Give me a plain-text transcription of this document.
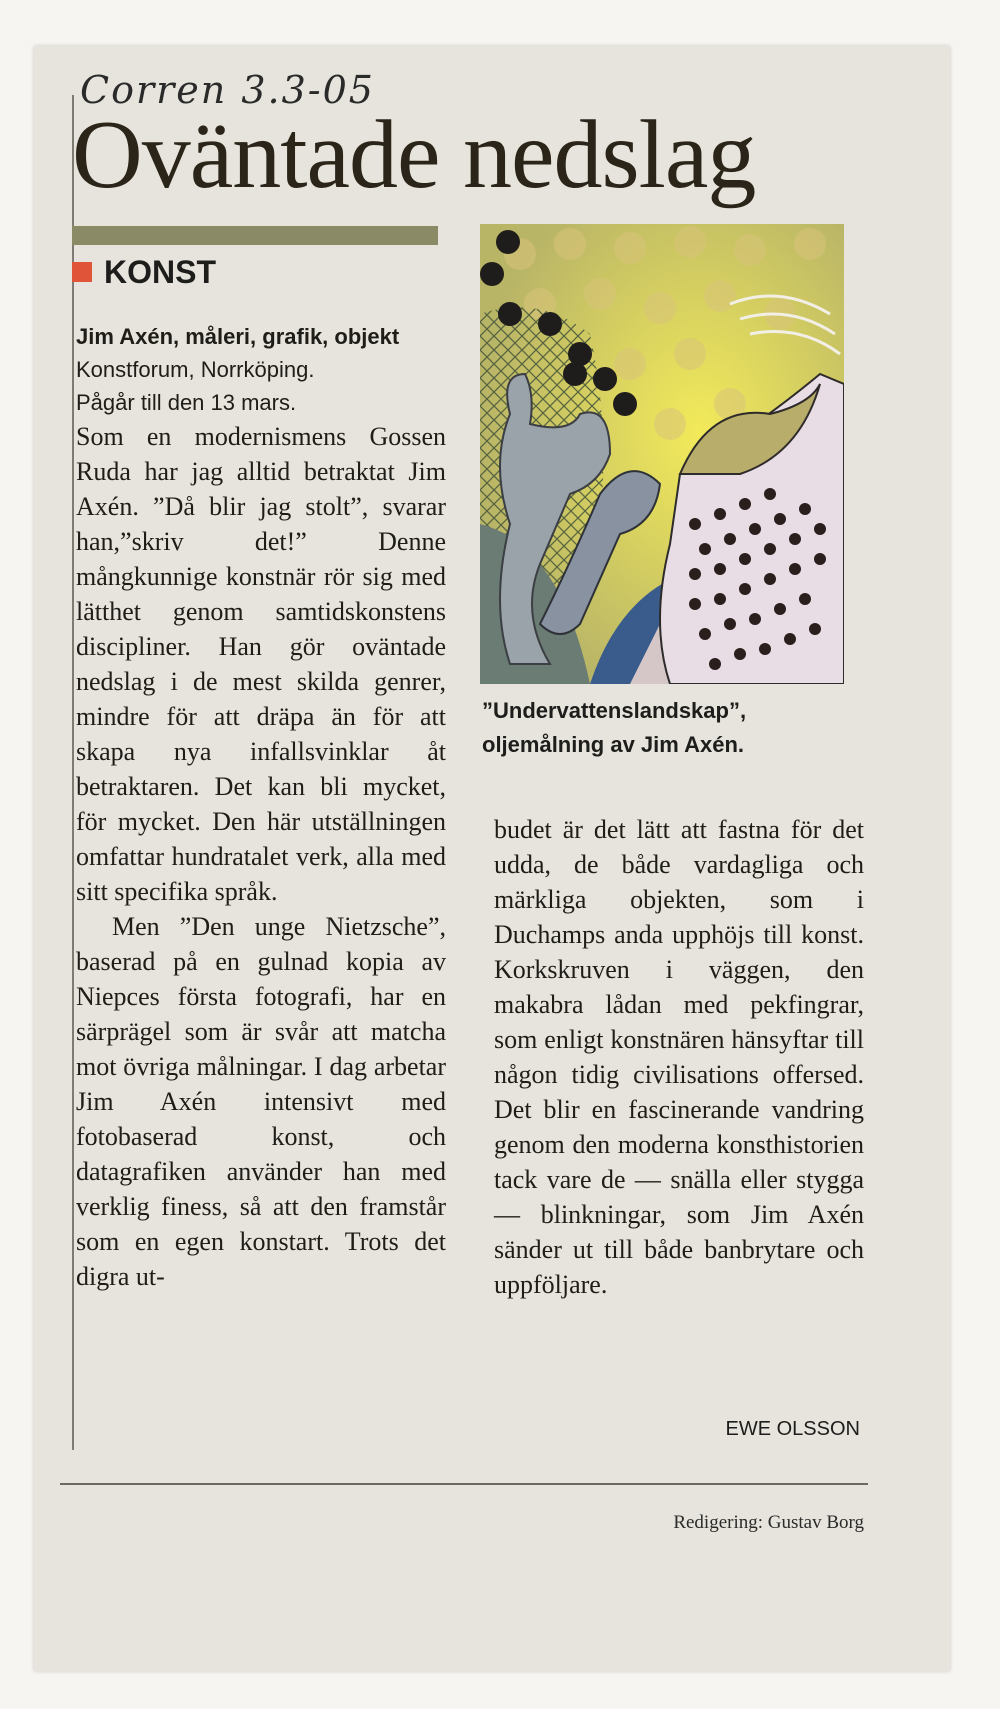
Corren 3.3-05
Oväntade nedslag
KONST

Jim Axén, måleri, grafik, objekt

Konstforum, Norrköping.

Pågår till den 13 mars.

Som en modernismens Gossen Ruda har jag alltid betraktat Jim Axén. ”Då blir jag stolt”, svarar han,”skriv det!” Denne mångkunnige konstnär rör sig med lätthet genom samtidskonstens discipliner. Han gör oväntade nedslag i de mest skilda genrer, mindre för att dräpa än för att skapa nya infallsvinklar åt betraktaren. Det kan bli mycket, för mycket. Den här utställningen omfattar hundratalet verk, alla med sitt specifika språk.

Men ”Den unge Nietzsche”, baserad på en gulnad kopia av Niepces första fotografi, har en särprägel som är svår att matcha mot övriga målningar. I dag arbetar Jim Axén intensivt med fotobaserad konst, och datagrafiken använder han med verklig finess, så att den framstår som en egen konstart. Trots det digra ut-

”Undervattenslandskap”, oljemålning av Jim Axén.

budet är det lätt att fastna för det udda, de både vardagliga och märkliga objekten, som i Duchamps anda upphöjs till konst. Korkskruven i väggen, den makabra lådan med pekfingrar, som enligt konstnären hänsyftar till någon tidig civilisations offersed. Det blir en fascinerande vandring genom den moderna konsthistorien tack vare de — snälla eller stygga — blinkningar, som Jim Axén sänder ut till både banbrytare och uppföljare.

EWE OLSSON
Redigering: Gustav Borg
